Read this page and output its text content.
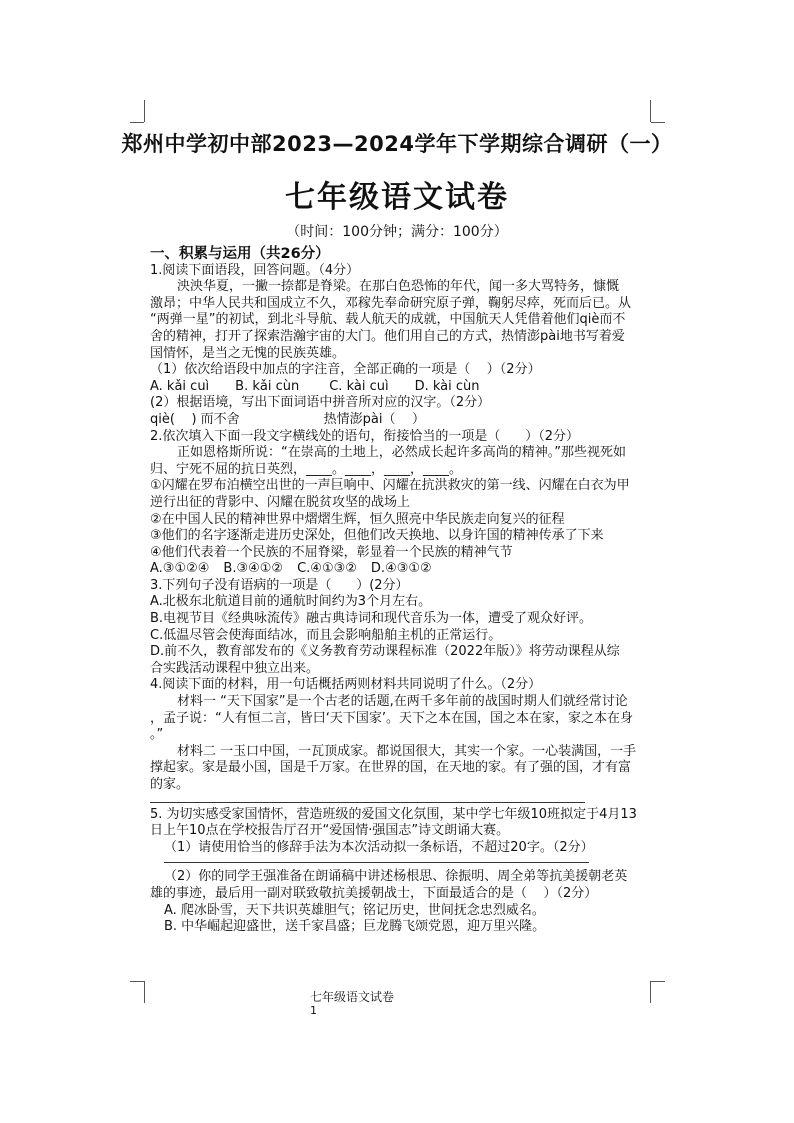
郑州中学初中部2023—2024学年下学期综合调研（一）
七年级语文试卷
（时间：100分钟；满分：100分）
一、积累与运用（共26分）
1.阅读下面语段，回答问题。（4分）
泱泱华夏，一撇一捺都是脊梁。在那白色恐怖的年代，闻一多大骂特务，慷慨
激昂；中华人民共和国成立不久，邓稼先奉命研究原子弹，鞠躬尽瘁，死而后已。从
“两弹一星”的初试，到北斗导航、载人航天的成就，中国航天人凭借着他们qiè而不
舍的精神，打开了探索浩瀚宇宙的大门。他们用自己的方式，热情澎pài地书写着爱
国情怀，是当之无愧的民族英雄。
（1）依次给语段中加点的字注音，全部正确的一项是（    ）（2分）
A. kǎi cuì B. kǎi cùn C. kài cuì D. kài cùn
(2）根据语境，写出下面词语中拼音所对应的汉字。（2分）
qiè(    ) 而不舍	热情澎pài（    ）
2.依次填入下面一段文字横线处的语句，衔接恰当的一项是（      ）（2分）
正如恩格斯所说：“在崇高的土地上，必然成长起许多高尚的精神。”那些视死如
归、宁死不屈的抗日英烈，____。____，____，____。
①闪耀在罗布泊横空出世的一声巨响中、闪耀在抗洪救灾的第一线、闪耀在白衣为甲
逆行出征的背影中、闪耀在脱贫攻坚的战场上
②在中国人民的精神世界中熠熠生辉，恒久照亮中华民族走向复兴的征程
③他们的名字逐渐走进历史深处，但他们改天换地、以身许国的精神传承了下来
④他们代表着一个民族的不屈脊梁，彰显着一个民族的精神气节
A.③①②④ B.③④①② C.④①③② D.④③①②
3.下列句子没有语病的一项是（      ）(2分）
A.北极东北航道目前的通航时间约为3个月左右。
B.电视节目《经典咏流传》融古典诗词和现代音乐为一体，遭受了观众好评。
C.低温尽管会使海面结冰，而且会影响船舶主机的正常运行。
D.前不久，教育部发布的《义务教育劳动课程标准（2022年版）》将劳动课程从综
合实践活动课程中独立出来。
4.阅读下面的材料，用一句话概括两则材料共同说明了什么。（2分）
材料一 “天下国家”是一个古老的话题,在两千多年前的战国时期人们就经常讨论
，孟子说：“人有恒二言，皆曰‘天下国家’。天下之本在国，国之本在家，家之本在身
。”
材料二 一玉口中国，一瓦顶成家。都说国很大，其实一个家。一心装满国，一手
撑起家。家是最小国，国是千万家。在世界的国，在天地的家。有了强的国，才有富
的家。
5. 为切实感受家国情怀，营造班级的爱国文化氛围，某中学七年级10班拟定于4月13
日上午10点在学校报告厅召开“爱国情·强国志”诗文朗诵大赛。
（1）请使用恰当的修辞手法为本次活动拟一条标语，不超过20字。（2分）
（2）你的同学王强准备在朗诵稿中讲述杨根思、徐振明、周全弟等抗美援朝老英
雄的事迹，最后用一副对联致敬抗美援朝战士，下面最适合的是（    ）（2分）
A. 爬冰卧雪，天下共识英雄胆气；铭记历史，世间抚念忠烈威名。
B. 中华崛起迎盛世，送千家昌盛；巨龙腾飞颂党恩，迎万里兴隆。
七年级语文试卷
1
